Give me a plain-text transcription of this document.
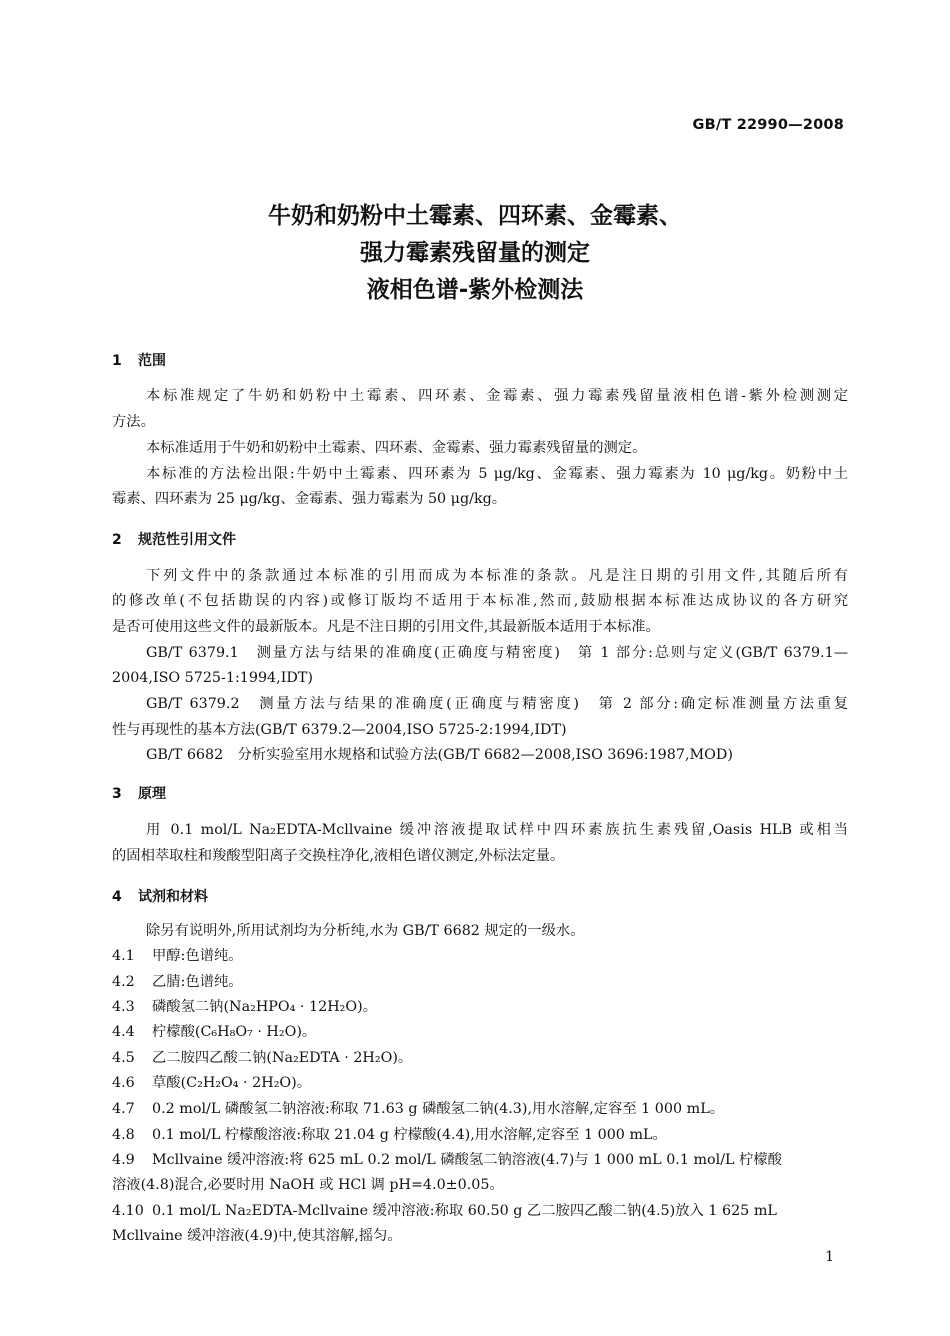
GB/T 22990—2008
牛奶和奶粉中土霉素、四环素、金霉素、
强力霉素残留量的测定
液相色谱-紫外检测法
1 范围
本标准规定了牛奶和奶粉中土霉素、四环素、金霉素、强力霉素残留量液相色谱-紫外检测测定
方法。
本标准适用于牛奶和奶粉中土霉素、四环素、金霉素、强力霉素残留量的测定。
本标准的方法检出限:牛奶中土霉素、四环素为 5 μg/kg、金霉素、强力霉素为 10 μg/kg。奶粉中土
霉素、四环素为 25 μg/kg、金霉素、强力霉素为 50 μg/kg。
2 规范性引用文件
下列文件中的条款通过本标准的引用而成为本标准的条款。凡是注日期的引用文件,其随后所有
的修改单(不包括勘误的内容)或修订版均不适用于本标准,然而,鼓励根据本标准达成协议的各方研究
是否可使用这些文件的最新版本。凡是不注日期的引用文件,其最新版本适用于本标准。
GB/T 6379.1　测量方法与结果的准确度(正确度与精密度)　第 1 部分:总则与定义(GB/T 6379.1—
2004,ISO 5725-1:1994,IDT)
GB/T 6379.2　测量方法与结果的准确度(正确度与精密度)　第 2 部分:确定标准测量方法重复
性与再现性的基本方法(GB/T 6379.2—2004,ISO 5725-2:1994,IDT)
GB/T 6682　分析实验室用水规格和试验方法(GB/T 6682—2008,ISO 3696:1987,MOD)
3 原理
用 0.1 mol/L Na₂EDTA-Mcllvaine 缓冲溶液提取试样中四环素族抗生素残留,Oasis HLB 或相当
的固相萃取柱和羧酸型阳离子交换柱净化,液相色谱仪测定,外标法定量。
4 试剂和材料
除另有说明外,所用试剂均为分析纯,水为 GB/T 6682 规定的一级水。
4.1 甲醇:色谱纯。
4.2 乙腈:色谱纯。
4.3 磷酸氢二钠(Na₂HPO₄ · 12H₂O)。
4.4 柠檬酸(C₆H₈O₇ · H₂O)。
4.5 乙二胺四乙酸二钠(Na₂EDTA · 2H₂O)。
4.6 草酸(C₂H₂O₄ · 2H₂O)。
4.7 0.2 mol/L 磷酸氢二钠溶液:称取 71.63 g 磷酸氢二钠(4.3),用水溶解,定容至 1 000 mL。
4.8 0.1 mol/L 柠檬酸溶液:称取 21.04 g 柠檬酸(4.4),用水溶解,定容至 1 000 mL。
4.9 Mcllvaine 缓冲溶液:将 625 mL 0.2 mol/L 磷酸氢二钠溶液(4.7)与 1 000 mL 0.1 mol/L 柠檬酸
溶液(4.8)混合,必要时用 NaOH 或 HCl 调 pH=4.0±0.05。
4.10 0.1 mol/L Na₂EDTA-Mcllvaine 缓冲溶液:称取 60.50 g 乙二胺四乙酸二钠(4.5)放入 1 625 mL
Mcllvaine 缓冲溶液(4.9)中,使其溶解,摇匀。
1
